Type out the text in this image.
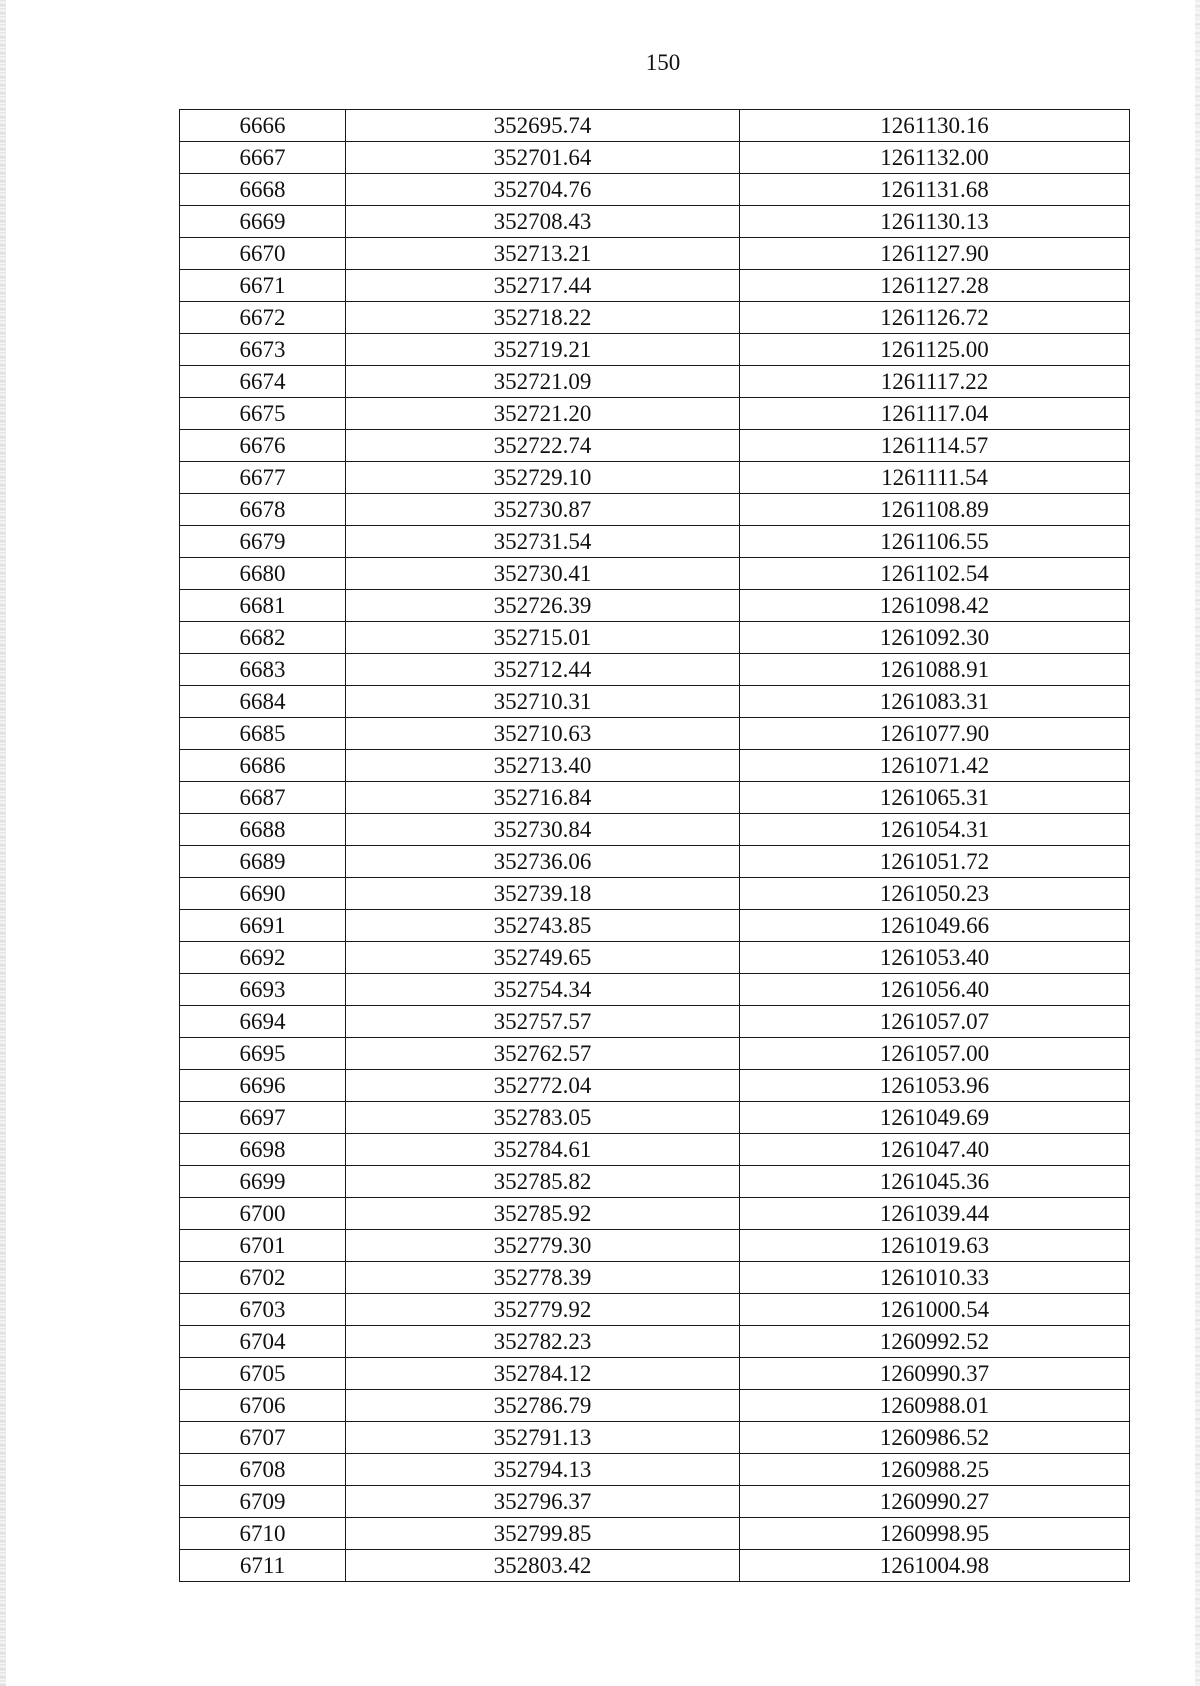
150
6666	352695.74	1261130.16
6667	352701.64	1261132.00
6668	352704.76	1261131.68
6669	352708.43	1261130.13
6670	352713.21	1261127.90
6671	352717.44	1261127.28
6672	352718.22	1261126.72
6673	352719.21	1261125.00
6674	352721.09	1261117.22
6675	352721.20	1261117.04
6676	352722.74	1261114.57
6677	352729.10	1261111.54
6678	352730.87	1261108.89
6679	352731.54	1261106.55
6680	352730.41	1261102.54
6681	352726.39	1261098.42
6682	352715.01	1261092.30
6683	352712.44	1261088.91
6684	352710.31	1261083.31
6685	352710.63	1261077.90
6686	352713.40	1261071.42
6687	352716.84	1261065.31
6688	352730.84	1261054.31
6689	352736.06	1261051.72
6690	352739.18	1261050.23
6691	352743.85	1261049.66
6692	352749.65	1261053.40
6693	352754.34	1261056.40
6694	352757.57	1261057.07
6695	352762.57	1261057.00
6696	352772.04	1261053.96
6697	352783.05	1261049.69
6698	352784.61	1261047.40
6699	352785.82	1261045.36
6700	352785.92	1261039.44
6701	352779.30	1261019.63
6702	352778.39	1261010.33
6703	352779.92	1261000.54
6704	352782.23	1260992.52
6705	352784.12	1260990.37
6706	352786.79	1260988.01
6707	352791.13	1260986.52
6708	352794.13	1260988.25
6709	352796.37	1260990.27
6710	352799.85	1260998.95
6711	352803.42	1261004.98
